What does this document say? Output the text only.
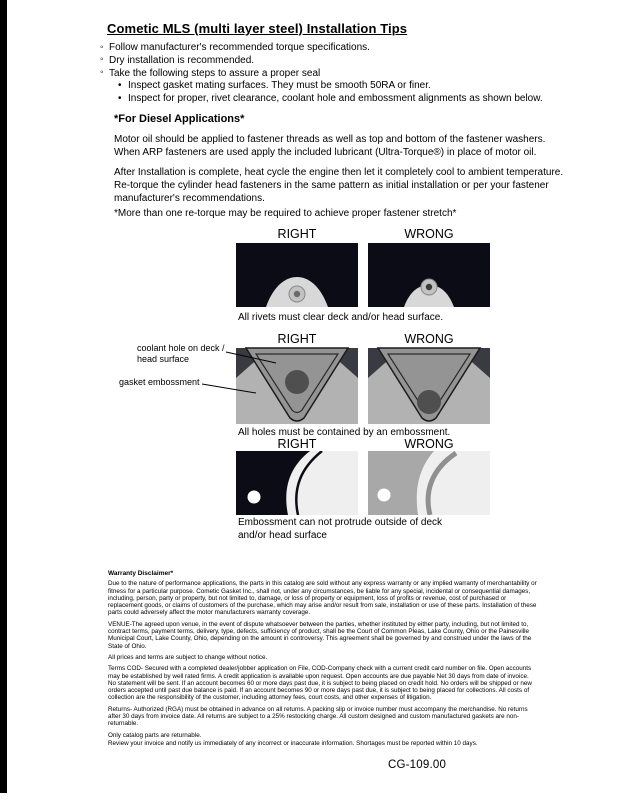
Cometic MLS (multi layer steel) Installation Tips
◦ Follow manufacturer's recommended torque specifications.
◦ Dry installation is recommended.
◦ Take the following steps to assure a proper seal
• Inspect gasket mating surfaces. They must be smooth 50RA or finer.
• Inspect for proper, rivet clearance, coolant hole and embossment alignments as shown below.
*For Diesel Applications*

Motor oil should be applied to fastener threads as well as top and bottom of the fastener washers. When ARP fasteners are used apply the included lubricant (Ultra-Torque®) in place of motor oil.

After Installation is complete, heat cycle the engine then let it completely cool to ambient temperature. Re-torque the cylinder head fasteners in the same pattern as initial installation or per your fastener manufacturer's recommendations.

*More than one re-torque may be required to achieve proper fastener stretch*

RIGHT	WRONG
All rivets must clear deck and/or head surface.
RIGHT	WRONG
All holes must be contained by an embossment.
coolant hole on deck / head surface
gasket embossment
RIGHT	WRONG
Embossment can not protrude outside of deck and/or head surface
Warranty Disclaimer*

Due to the nature of performance applications, the parts in this catalog are sold without any express warranty or any implied warranty of merchantability or fitness for a particular purpose. Cometic Gasket Inc., shall not, under any circumstances, be liable for any special, incidental or consequential damages, including, person, party or property, but not limited to, damage, or loss of property or equipment, loss of profits or revenue, cost of purchased or replacement goods, or claims of customers of the purchase, which may arise and/or result from sale, installation or use of these parts. Installation of these parts could adversely affect the motor manufacturers warranty coverage.

VENUE-The agreed upon venue, in the event of dispute whatsoever between the parties, whether instituted by either party, including, but not limited to, contract terms, payment terms, delivery, type, defects, sufficiency of product, shall be the Court of Common Pleas, Lake County, Ohio or the Painesville Municipal Court, Lake County, Ohio, depending on the amount in controversy. This agreement shall be governed by and construed under the laws of the State of Ohio.

All prices and terms are subject to change without notice.

Terms COD- Secured with a completed dealer/jobber application on File, COD-Company check with a current credit card number on file. Open accounts may be established by well rated firms. A credit application is available upon request. Open accounts are due payable Net 30 days from date of invoice. No statement will be sent. If an account becomes 60 or more days past due, it is subject to being placed on credit hold. No orders will be shipped or new orders accepted until past due balance is paid. If an account becomes 90 or more days past due, it is subject to being placed for collections. All costs of collection are the responsibility of the customer, including attorney fees, court costs, and other expenses of litigation.

Returns- Authorized (RGA) must be obtained in advance on all returns. A packing slip or invoice number must accompany the merchandise. No returns after 30 days from invoice date. All returns are subject to a 25% restocking charge. All custom designed and custom manufactured gaskets are non-returnable.

Only catalog parts are returnable.

Review your invoice and notify us immediately of any incorrect or inaccurate information. Shortages must be reported within 10 days.

CG-109.00
